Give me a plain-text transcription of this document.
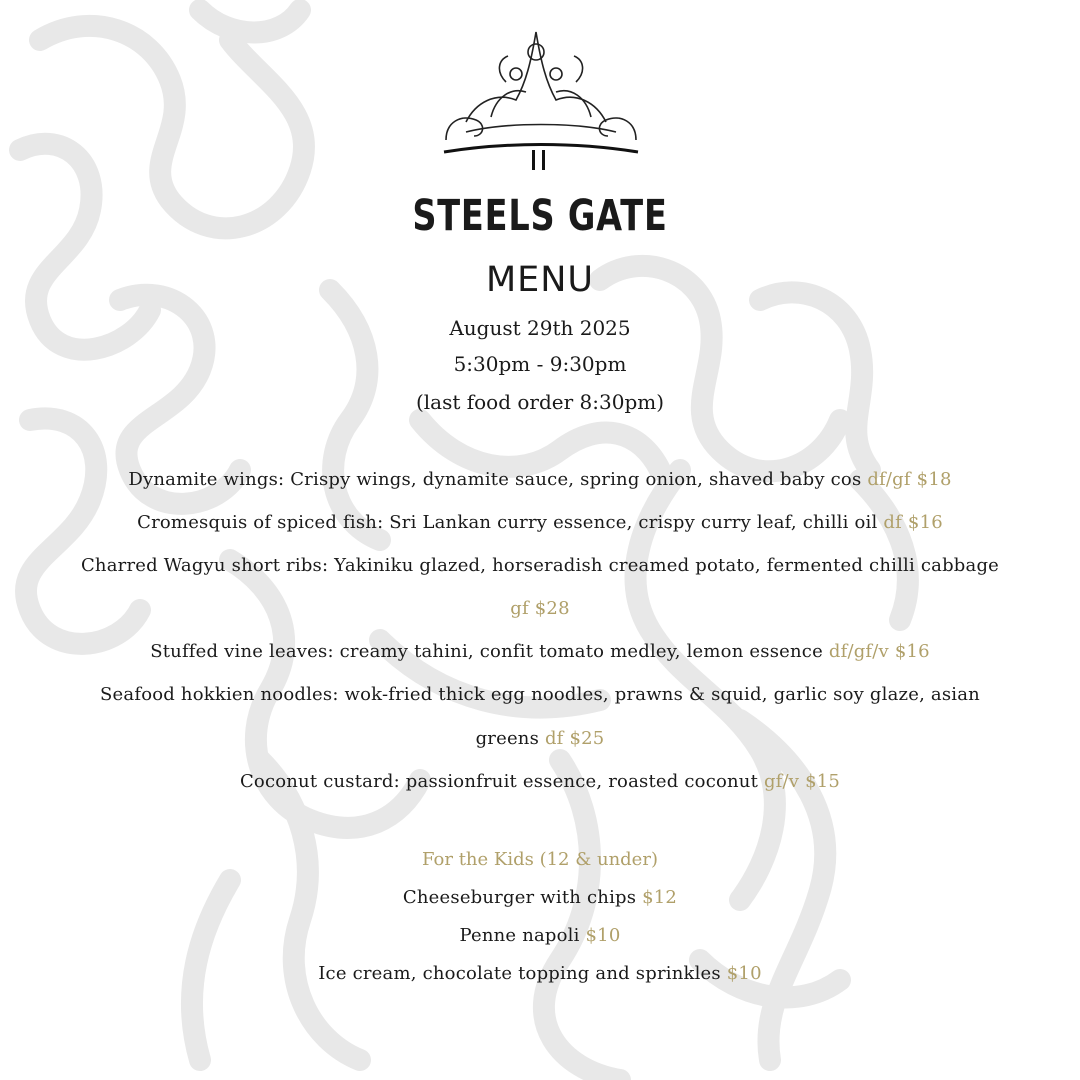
STEELS GATE
MENU
August 29th 2025
5:30pm - 9:30pm
(last food order 8:30pm)
Dynamite wings: Crispy wings, dynamite sauce, spring onion, shaved baby cos df/gf $18
Cromesquis of spiced fish: Sri Lankan curry essence, crispy curry leaf, chilli oil df $16
Charred Wagyu short ribs: Yakiniku glazed, horseradish creamed potato, fermented chilli cabbage
gf $28
Stuffed vine leaves: creamy tahini, confit tomato medley, lemon essence df/gf/v $16
Seafood hokkien noodles: wok-fried thick egg noodles, prawns & squid, garlic soy glaze, asian
greens df $25
Coconut custard: passionfruit essence, roasted coconut gf/v $15
For the Kids (12 & under)
Cheeseburger with chips $12
Penne napoli $10
Ice cream, chocolate topping and sprinkles $10
